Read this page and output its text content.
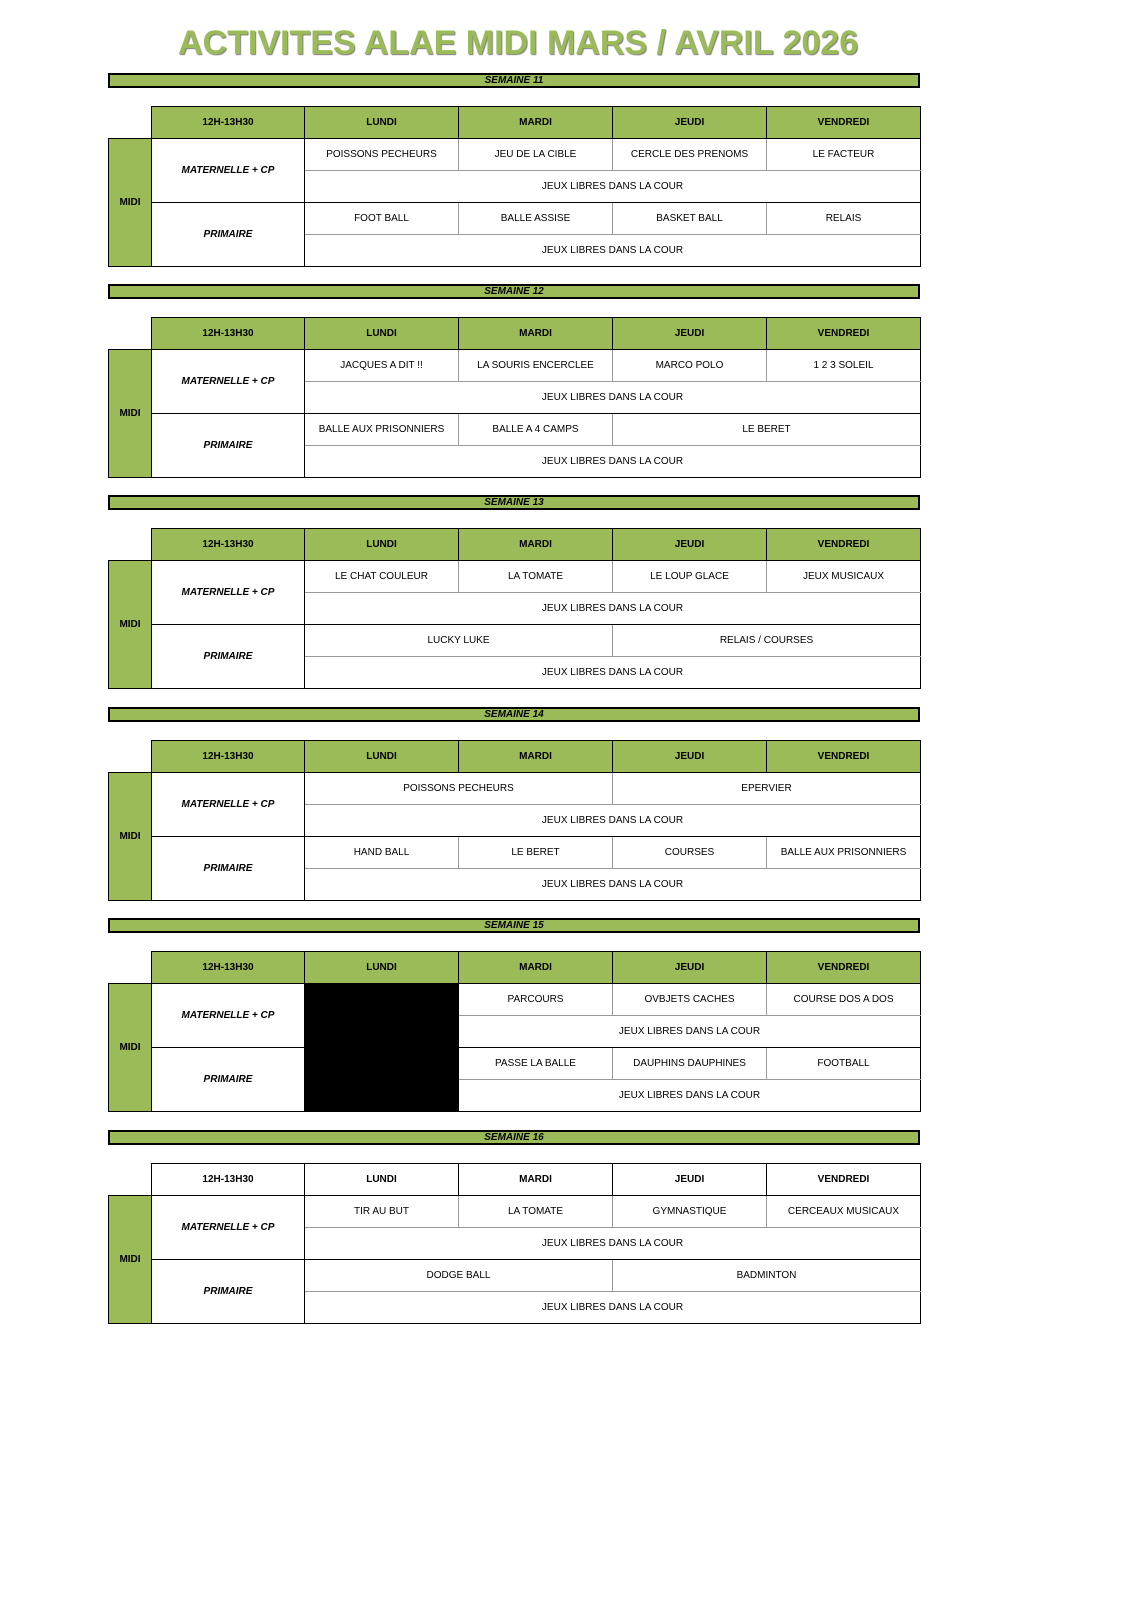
ACTIVITES ALAE MIDI MARS / AVRIL 2026
SEMAINE 11
	12H-13H30	LUNDI	MARDI	JEUDI	VENDREDI
MIDI	MATERNELLE + CP	POISSONS PECHEURS	JEU DE LA CIBLE	CERCLE DES PRENOMS	LE FACTEUR
		JEUX LIBRES DANS LA COUR			
	PRIMAIRE	FOOT BALL	BALLE ASSISE	BASKET BALL	RELAIS
		JEUX LIBRES DANS LA COUR			
SEMAINE 12
	12H-13H30	LUNDI	MARDI	JEUDI	VENDREDI
MIDI	MATERNELLE + CP	JACQUES A DIT !!	LA SOURIS ENCERCLEE	MARCO POLO	1 2 3 SOLEIL
		JEUX LIBRES DANS LA COUR			
	PRIMAIRE	BALLE AUX PRISONNIERS	BALLE A 4 CAMPS	LE BERET	
		JEUX LIBRES DANS LA COUR			
SEMAINE 13
	12H-13H30	LUNDI	MARDI	JEUDI	VENDREDI
MIDI	MATERNELLE + CP	LE CHAT COULEUR	LA TOMATE	LE LOUP GLACE	JEUX MUSICAUX
		JEUX LIBRES DANS LA COUR			
	PRIMAIRE	LUCKY LUKE		RELAIS / COURSES	
		JEUX LIBRES DANS LA COUR			
SEMAINE 14
	12H-13H30	LUNDI	MARDI	JEUDI	VENDREDI
MIDI	MATERNELLE + CP	POISSONS PECHEURS		EPERVIER	
		JEUX LIBRES DANS LA COUR			
	PRIMAIRE	HAND BALL	LE BERET	COURSES	BALLE AUX PRISONNIERS
		JEUX LIBRES DANS LA COUR			
SEMAINE 15
	12H-13H30	LUNDI	MARDI	JEUDI	VENDREDI
MIDI	MATERNELLE + CP		PARCOURS	OVBJETS CACHES	COURSE DOS A DOS
			JEUX LIBRES DANS LA COUR		
	PRIMAIRE		PASSE LA BALLE	DAUPHINS DAUPHINES	FOOTBALL
			JEUX LIBRES DANS LA COUR		
SEMAINE 16
	12H-13H30	LUNDI	MARDI	JEUDI	VENDREDI
MIDI	MATERNELLE + CP	TIR AU BUT	LA TOMATE	GYMNASTIQUE	CERCEAUX MUSICAUX
		JEUX LIBRES DANS LA COUR			
	PRIMAIRE	DODGE BALL		BADMINTON	
		JEUX LIBRES DANS LA COUR			
